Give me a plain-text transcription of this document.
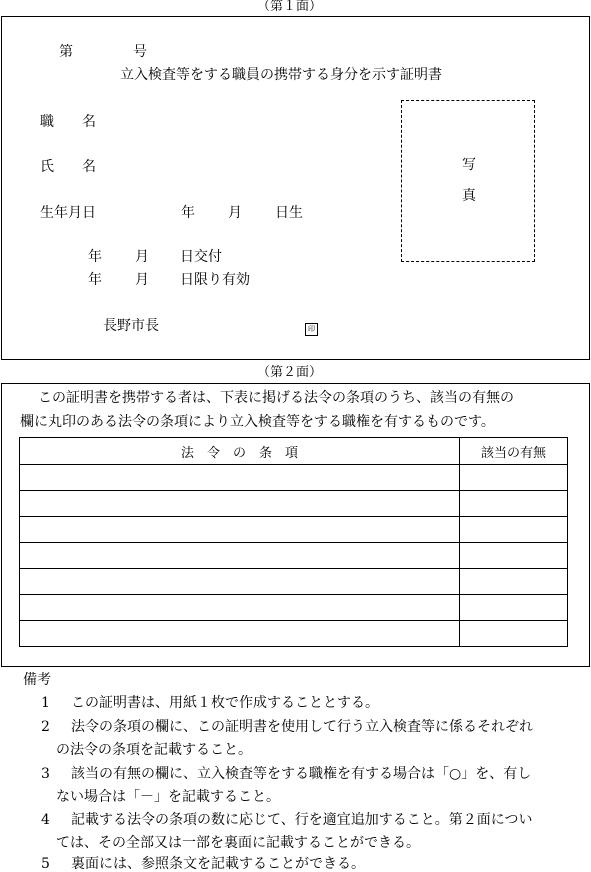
（第１面）
第	号
立入検査等をする職員の携帯する身分を示す証明書
職　　名
氏　　名
生年月日	年 月 日生
写
真
年 月 日交付
年 月 日限り有効
長野市長	印
（第２面）
この証明書を携帯する者は、下表に掲げる法令の条項のうち、該当の有無の
欄に丸印のある法令の条項により立入検査等をする職権を有するものです。
法　令　の　条　項	該当の有無

備考
1 この証明書は、用紙１枚で作成することとする。
2 法令の条項の欄に、この証明書を使用して行う立入検査等に係るそれぞれ
の法令の条項を記載すること。
3 該当の有無の欄に、立入検査等をする職権を有する場合は「○」を、有し
ない場合は「－」を記載すること。
4 記載する法令の条項の数に応じて、行を適宜追加すること。第２面につい
ては、その全部又は一部を裏面に記載することができる。
5 裏面には、参照条文を記載することができる。
